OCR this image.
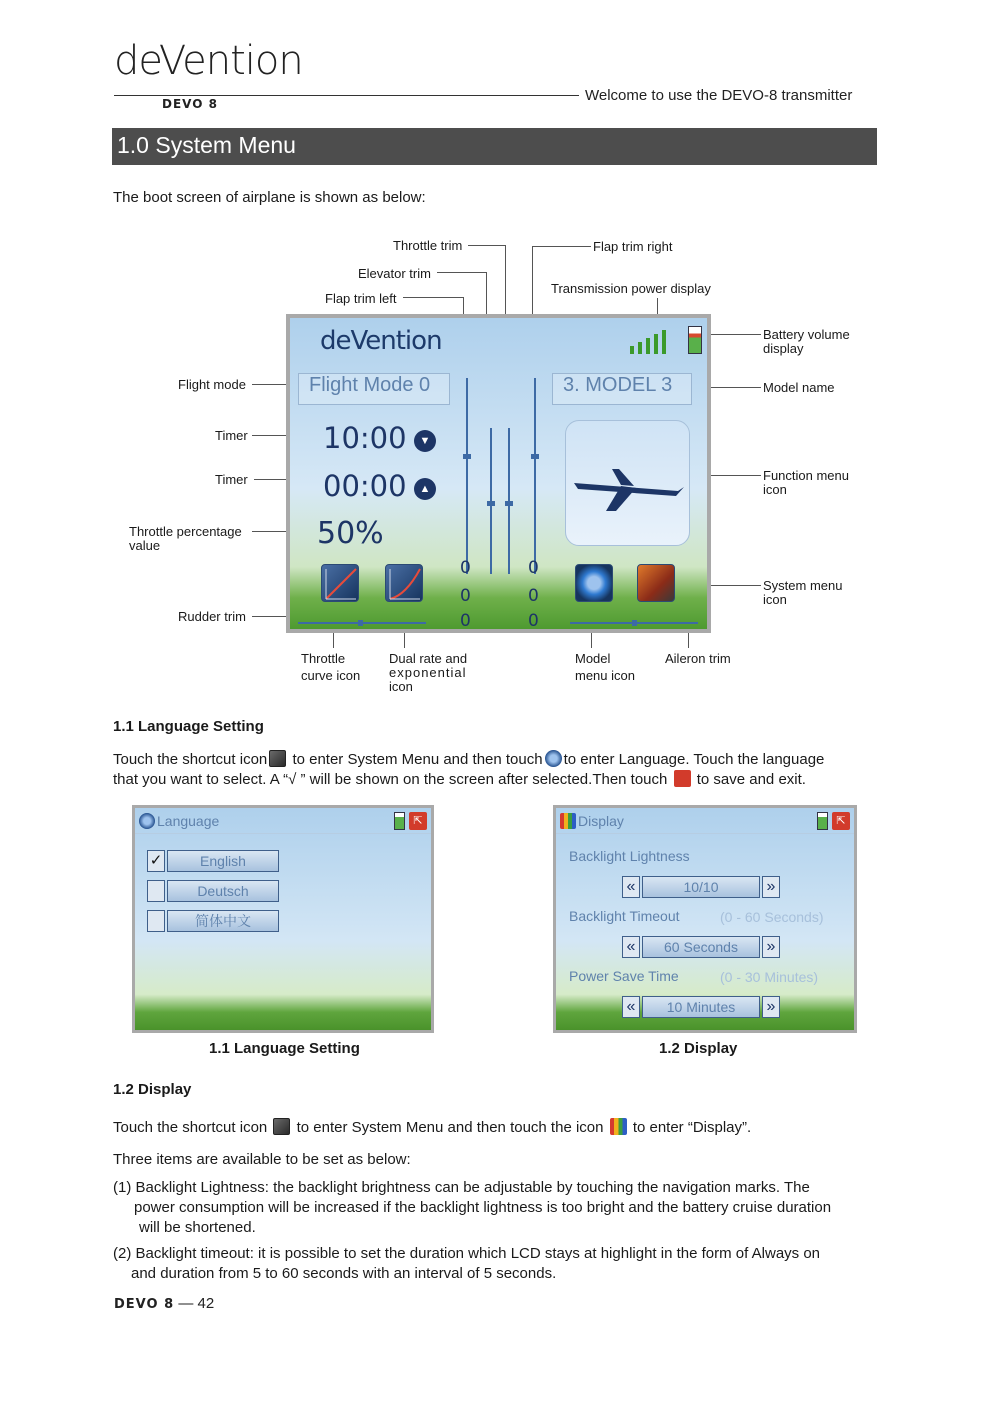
deVention
DEVO 8	Welcome to use the DEVO-8 transmitter
1.0 System Menu
The boot screen of airplane is shown as below:
Throttle trim
Elevator trim
Flap trim left
Flap trim right
Transmission power display
Battery volume
display
Model name
Function menu
icon
System menu
icon
Flight mode
Timer
Timer
Throttle percentage
value
Rudder trim
Throttle
curve icon
Dual rate and
exponential
icon
Model
menu icon
Aileron trim
deVention
Flight Mode 0	3. MODEL 3
10:00	▼
00:00	▲
50%
0
0
0
0
0
0
1.1 Language Setting
Touch the shortcut icon to enter System Menu and then touch to enter Language. Touch the language
that you want to select. A “√ ” will be shown on the screen after selected.Then touch to save and exit.
Language	⇱
✓	English
Deutsch
简体中文
1.1 Language Setting
Display	⇱
Backlight Lightness
«	10/10	»
Backlight Timeout	(0 - 60 Seconds)
«	60 Seconds	»
Power Save Time	(0 - 30 Minutes)
«	10 Minutes	»
1.2 Display
1.2 Display
Touch the shortcut icon to enter System Menu and then touch the icon to enter “Display”.
Three items are available to be set as below:
(1) Backlight Lightness: the backlight brightness can be adjustable by touching the navigation marks. The
power consumption will be increased if the backlight lightness is too bright and the battery cruise duration
will be shortened.
(2) Backlight timeout: it is possible to set the duration which LCD stays at highlight in the form of Always on
and duration from 5 to 60 seconds with an interval of 5 seconds.
DEVO 8 — 42
